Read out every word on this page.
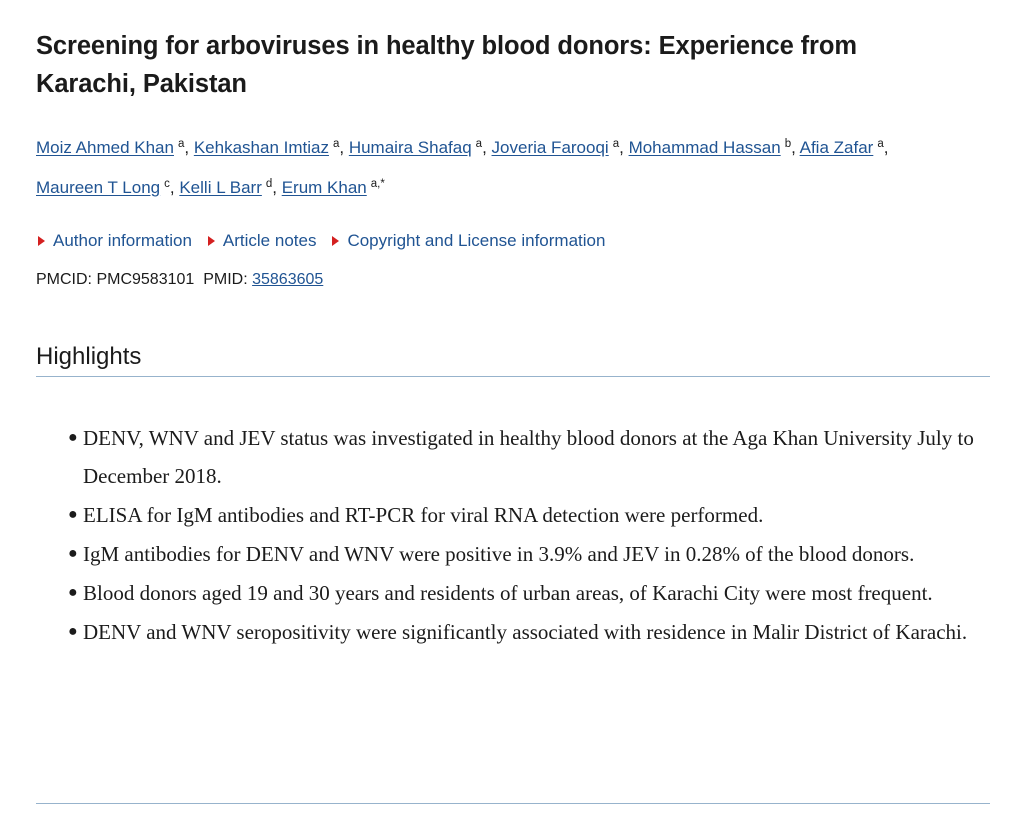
Screening for arboviruses in healthy blood donors: Experience from Karachi, Pakistan
Moiz Ahmed Khan $^a$, Kehkashan Imtiaz $^a$, Humaira Shafaq $^a$, Joveria Farooqi $^a$, Mohammad Hassan $^b$, Afia Zafar $^a$,
Maureen T Long $^c$, Kelli L Barr $^d$, Erum Khan $^{a,*}$
Author information Article notes Copyright and License information
PMCID: PMC9583101 PMID: 35863605
Highlights
● DENV, WNV and JEV status was investigated in healthy blood donors at the Aga Khan University July to December 2018.
● ELISA for IgM antibodies and RT-PCR for viral RNA detection were performed.
● IgM antibodies for DENV and WNV were positive in 3.9% and JEV in 0.28% of the blood donors.
● Blood donors aged 19 and 30 years and residents of urban areas, of Karachi City were most frequent.
● DENV and WNV seropositivity were significantly associated with residence in Malir District of Karachi.
